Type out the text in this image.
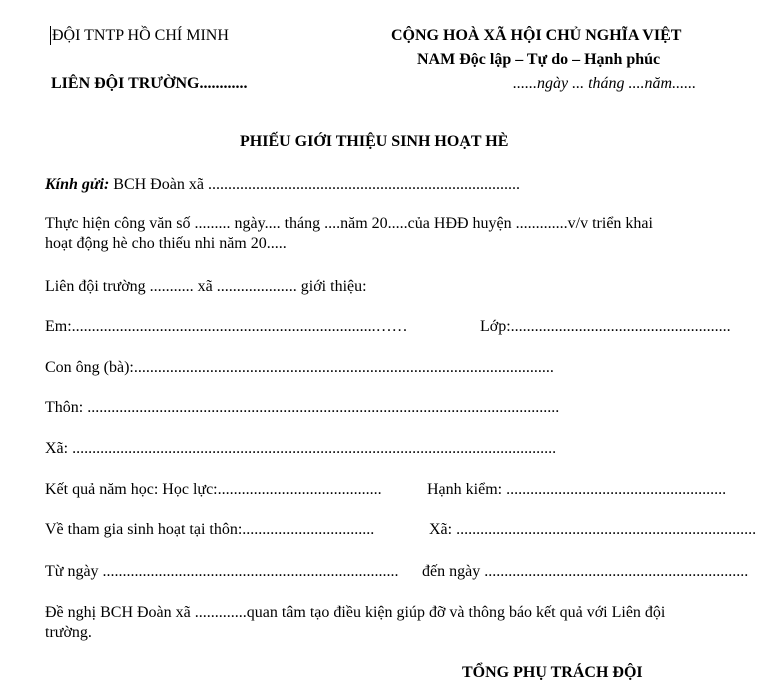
ĐỘI TNTP HỒ CHÍ MINH
LIÊN ĐỘI TRƯỜNG............
CỘNG HOÀ XÃ HỘI CHỦ NGHĨA VIỆT
NAM Độc lập – Tự do – Hạnh phúc
......ngày ... tháng ....năm......
PHIẾU GIỚI THIỆU SINH HOẠT HÈ
Kính gửi: BCH Đoàn xã ..............................................................................
Thực hiện công văn số ......... ngày.... tháng ....năm 20.....của HĐĐ huyện .............v/v triển khai
hoạt động hè cho thiếu nhi năm 20.....
Liên đội trường ........... xã .................... giới thiệu:
Em:............................................................................……	Lớp:.......................................................
Con ông (bà):.........................................................................................................
Thôn: ......................................................................................................................
Xã: .........................................................................................................................
Kết quả năm học: Học lực:.........................................	Hạnh kiểm: .......................................................
Về tham gia sinh hoạt tại thôn:.................................	Xã: ...........................................................................
Từ ngày .......................................................................... đến ngày ..................................................................
Đề nghị BCH Đoàn xã .............quan tâm tạo điều kiện giúp đỡ và thông báo kết quả với Liên đội
trường.
TỔNG PHỤ TRÁCH ĐỘI
